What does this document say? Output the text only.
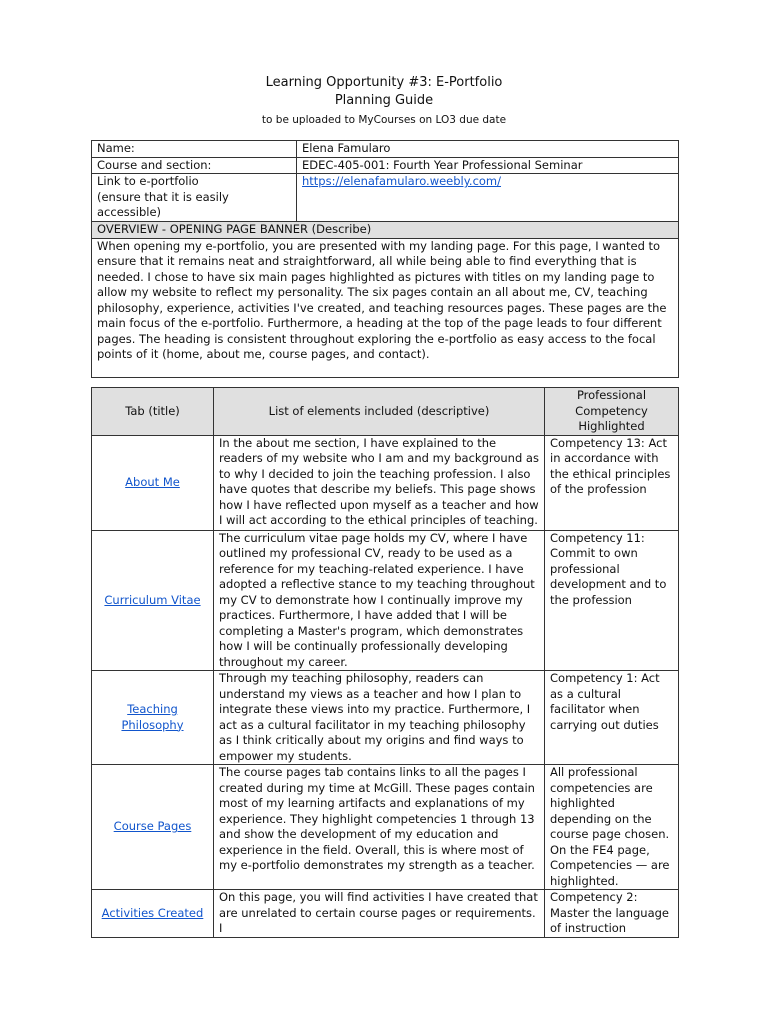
Learning Opportunity #3: E-Portfolio
Planning Guide
to be uploaded to MyCourses on LO3 due date
Name:	Elena Famularo
Course and section:	EDEC-405-001: Fourth Year Professional Seminar

Link to e-portfolio
(ensure that it is easily accessible)	https://elenafamularo.weebly.com/
OVERVIEW - OPENING PAGE BANNER (Describe)
When opening my e-portfolio, you are presented with my landing page. For this page, I wanted to ensure that it remains neat and straightforward, all while being able to find everything that is needed. I chose to have six main pages highlighted as pictures with titles on my landing page to allow my website to reflect my personality. The six pages contain an all about me, CV, teaching philosophy, experience, activities I've created, and teaching resources pages. These pages are the main focus of the e-portfolio. Furthermore, a heading at the top of the page leads to four different pages. The heading is consistent throughout exploring the e-portfolio as easy access to the focal points of it (home, about me, course pages, and contact).
Tab (title)	List of elements included (descriptive)	Professional Competency Highlighted
About Me	In the about me section, I have explained to the readers of my website who I am and my background as to why I decided to join the teaching profession. I also have quotes that describe my beliefs. This page shows how I have reflected upon myself as a teacher and how I will act according to the ethical principles of teaching.	Competency 13: Act in accordance with the ethical principles of the profession
Curriculum Vitae	The curriculum vitae page holds my CV, where I have outlined my professional CV, ready to be used as a reference for my teaching-related experience. I have adopted a reflective stance to my teaching throughout my CV to demonstrate how I continually improve my practices. Furthermore, I have added that I will be completing a Master's program, which demonstrates how I will be continually professionally developing throughout my career.	Competency 11: Commit to own professional development and to the profession
Teaching Philosophy	Through my teaching philosophy, readers can understand my views as a teacher and how I plan to integrate these views into my practice. Furthermore, I act as a cultural facilitator in my teaching philosophy as I think critically about my origins and find ways to empower my students.	Competency 1: Act as a cultural facilitator when carrying out duties
Course Pages	The course pages tab contains links to all the pages I created during my time at McGill. These pages contain most of my learning artifacts and explanations of my experience. They highlight competencies 1 through 13 and show the development of my education and experience in the field. Overall, this is where most of my e-portfolio demonstrates my strength as a teacher.	All professional competencies are highlighted depending on the course page chosen. On the FE4 page, Competencies — are highlighted.
Activities Created	On this page, you will find activities I have created that are unrelated to certain course pages or requirements. I	Competency 2: Master the language of instruction
